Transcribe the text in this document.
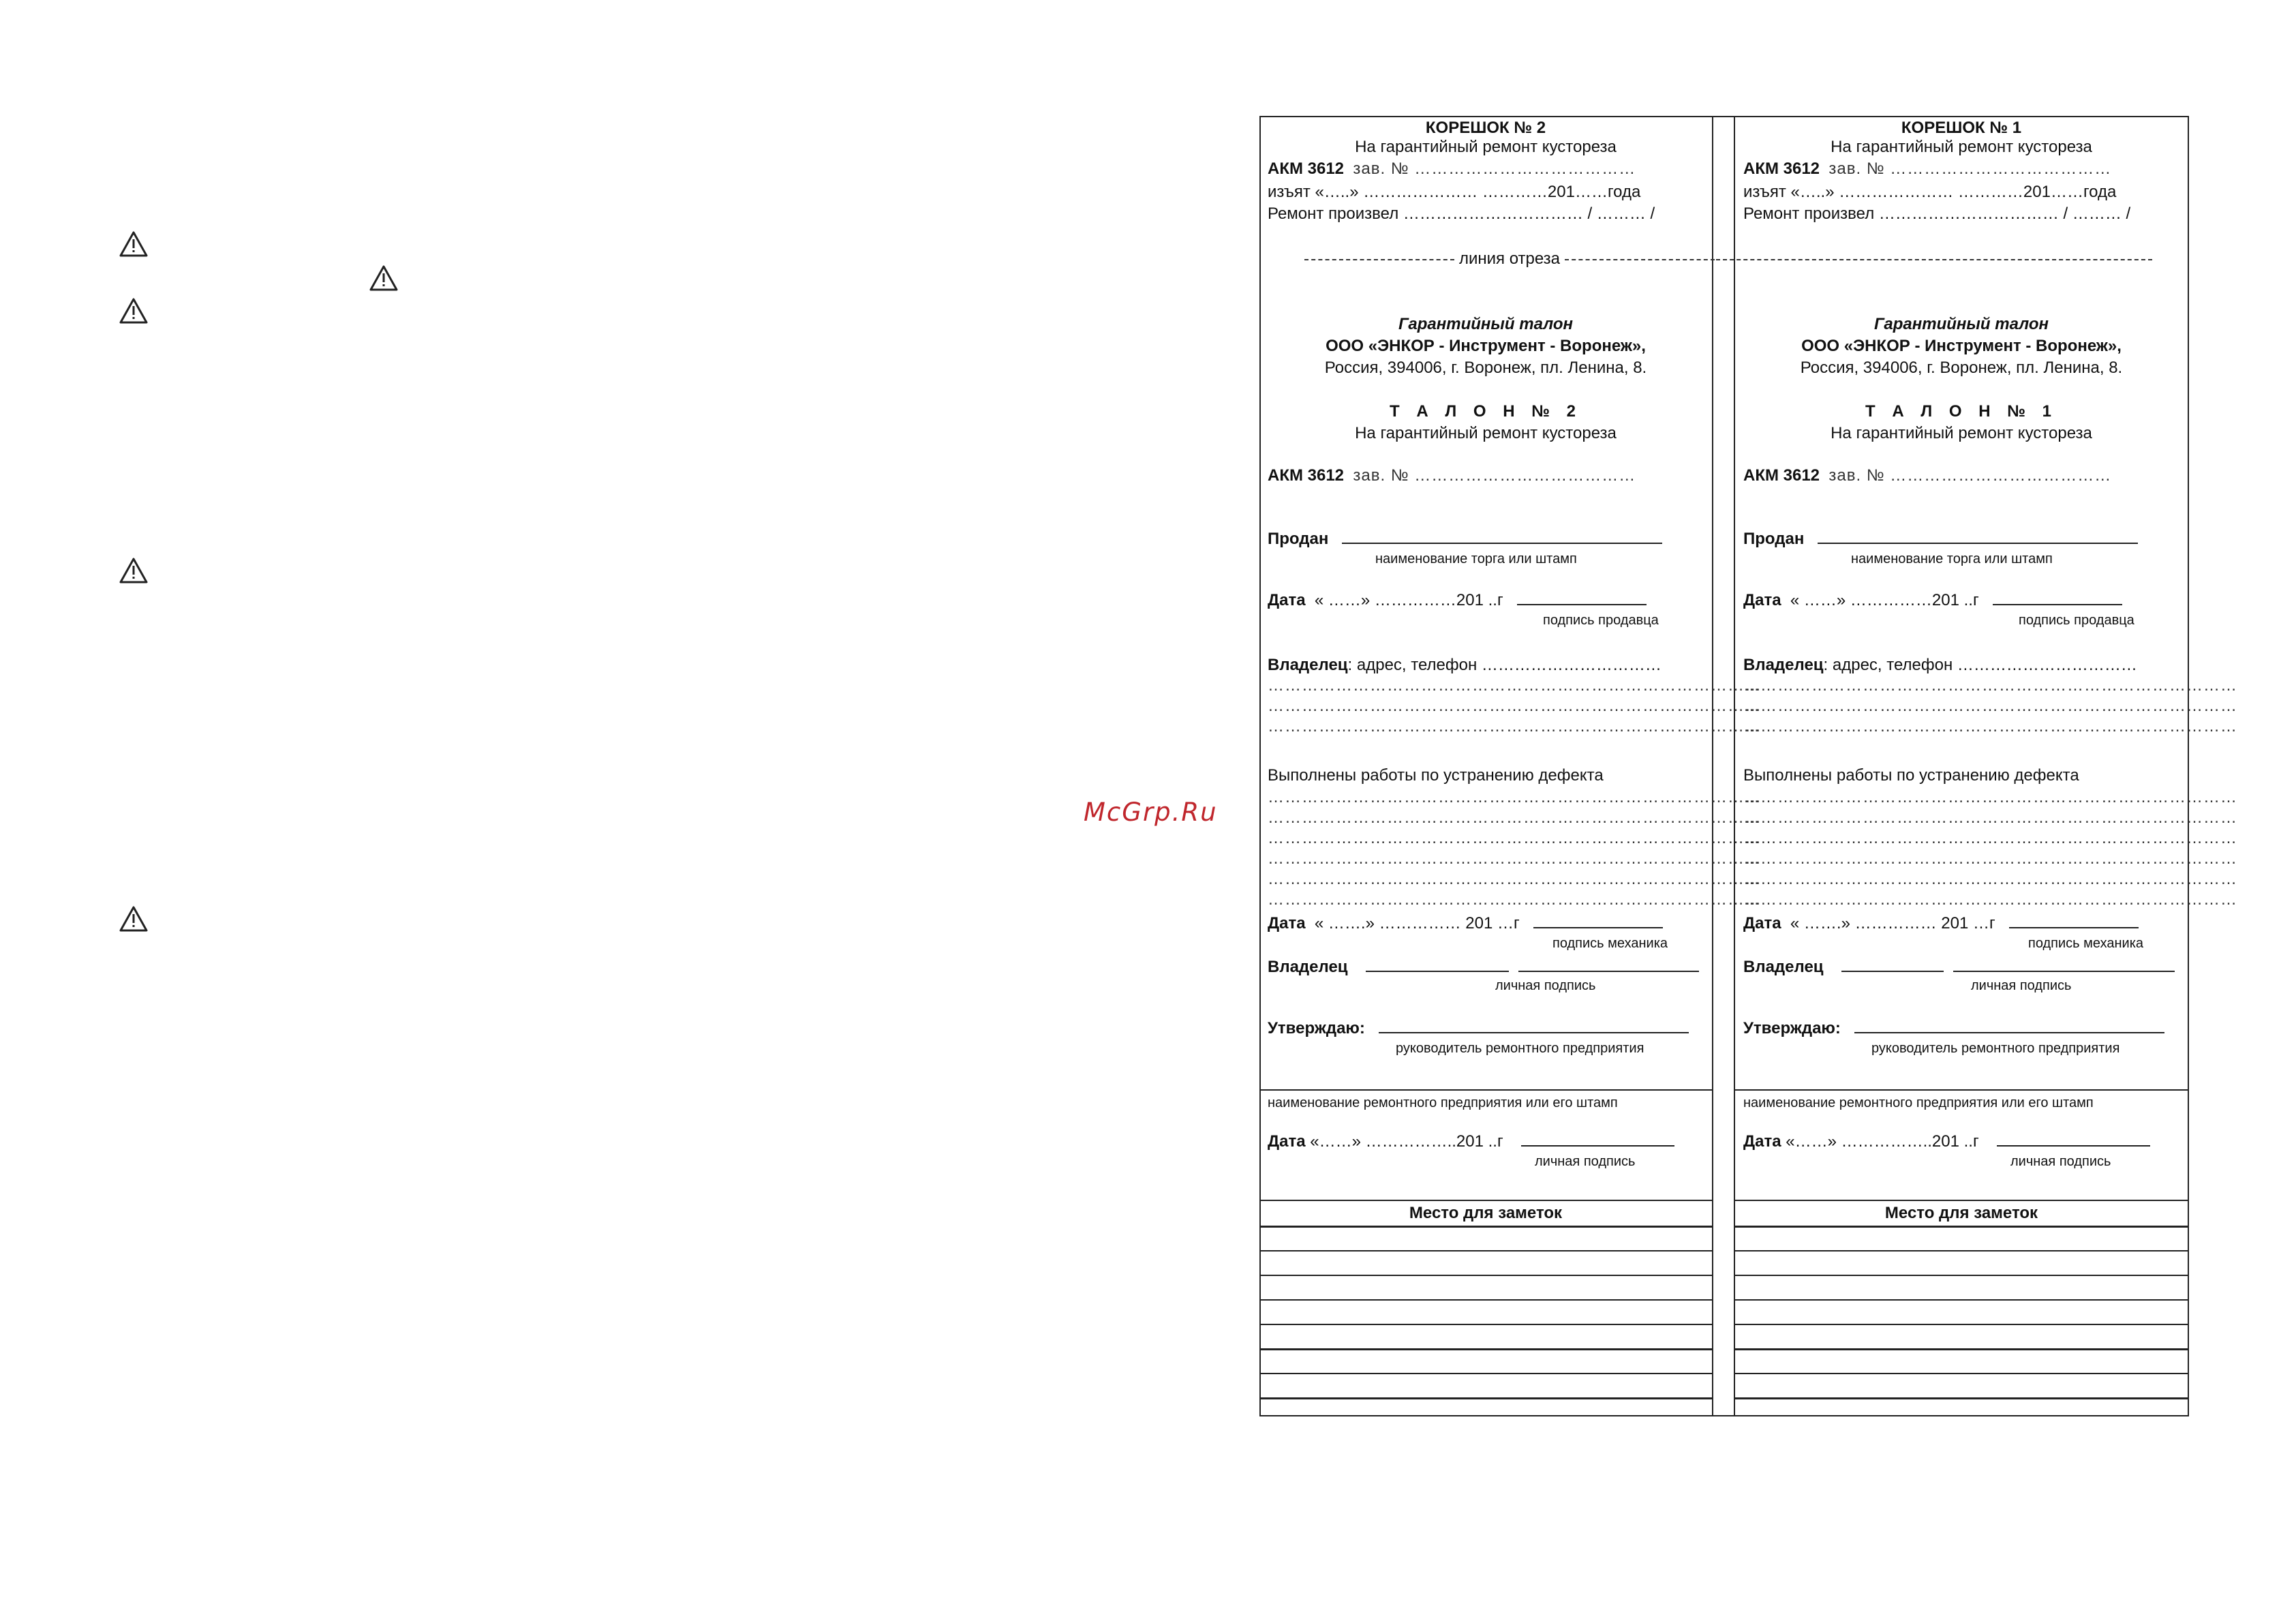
McGrp.Ru
КОРЕШОК № 2
На гарантийный ремонт кустореза
АКМ 3612 зав. № …………………………………
изъят «…..» ………………… …………201……года
Ремонт произвел …………………………… / ……… /
линия отреза
Гарантийный талон
ООО «ЭНКОР - Инструмент - Воронеж»,
Россия, 394006, г. Воронеж, пл. Ленина, 8.
Т А Л О Н № 2
На гарантийный ремонт кустореза
АКМ 3612 зав. № …………………………………
Продан
наименование торга или штамп
Дата « ……» ……………201 ..г
подпись продавца
Владелец: адрес, телефон ……………………………
……………………………………………………………………………
……………………………………………………………………………
……………………………………………………………………………
Выполнены работы по устранению дефекта
……………………………………………………………………………
……………………………………………………………………………
……………………………………………………………………………
……………………………………………………………………………
……………………………………………………………………………
……………………………………………………………………………
Дата « …….» …………… 201 …г
подпись механика
Владелец
личная подпись
Утверждаю:
руководитель ремонтного предприятия
наименование ремонтного предприятия или его штамп
Дата «……» ……………..201 ..г
личная подпись
Место для заметок
КОРЕШОК № 1
На гарантийный ремонт кустореза
АКМ 3612 зав. № …………………………………
изъят «…..» ………………… …………201……года
Ремонт произвел …………………………… / ……… /
Гарантийный талон
ООО «ЭНКОР - Инструмент - Воронеж»,
Россия, 394006, г. Воронеж, пл. Ленина, 8.
Т А Л О Н № 1
На гарантийный ремонт кустореза
АКМ 3612 зав. № …………………………………
Продан
наименование торга или штамп
Дата « ……» ……………201 ..г
подпись продавца
Владелец: адрес, телефон ……………………………
……………………………………………………………………………
……………………………………………………………………………
……………………………………………………………………………
Выполнены работы по устранению дефекта
……………………………………………………………………………
……………………………………………………………………………
……………………………………………………………………………
……………………………………………………………………………
……………………………………………………………………………
……………………………………………………………………………
Дата « …….» …………… 201 …г
подпись механика
Владелец
личная подпись
Утверждаю:
руководитель ремонтного предприятия
наименование ремонтного предприятия или его штамп
Дата «……» ……………..201 ..г
личная подпись
Место для заметок
